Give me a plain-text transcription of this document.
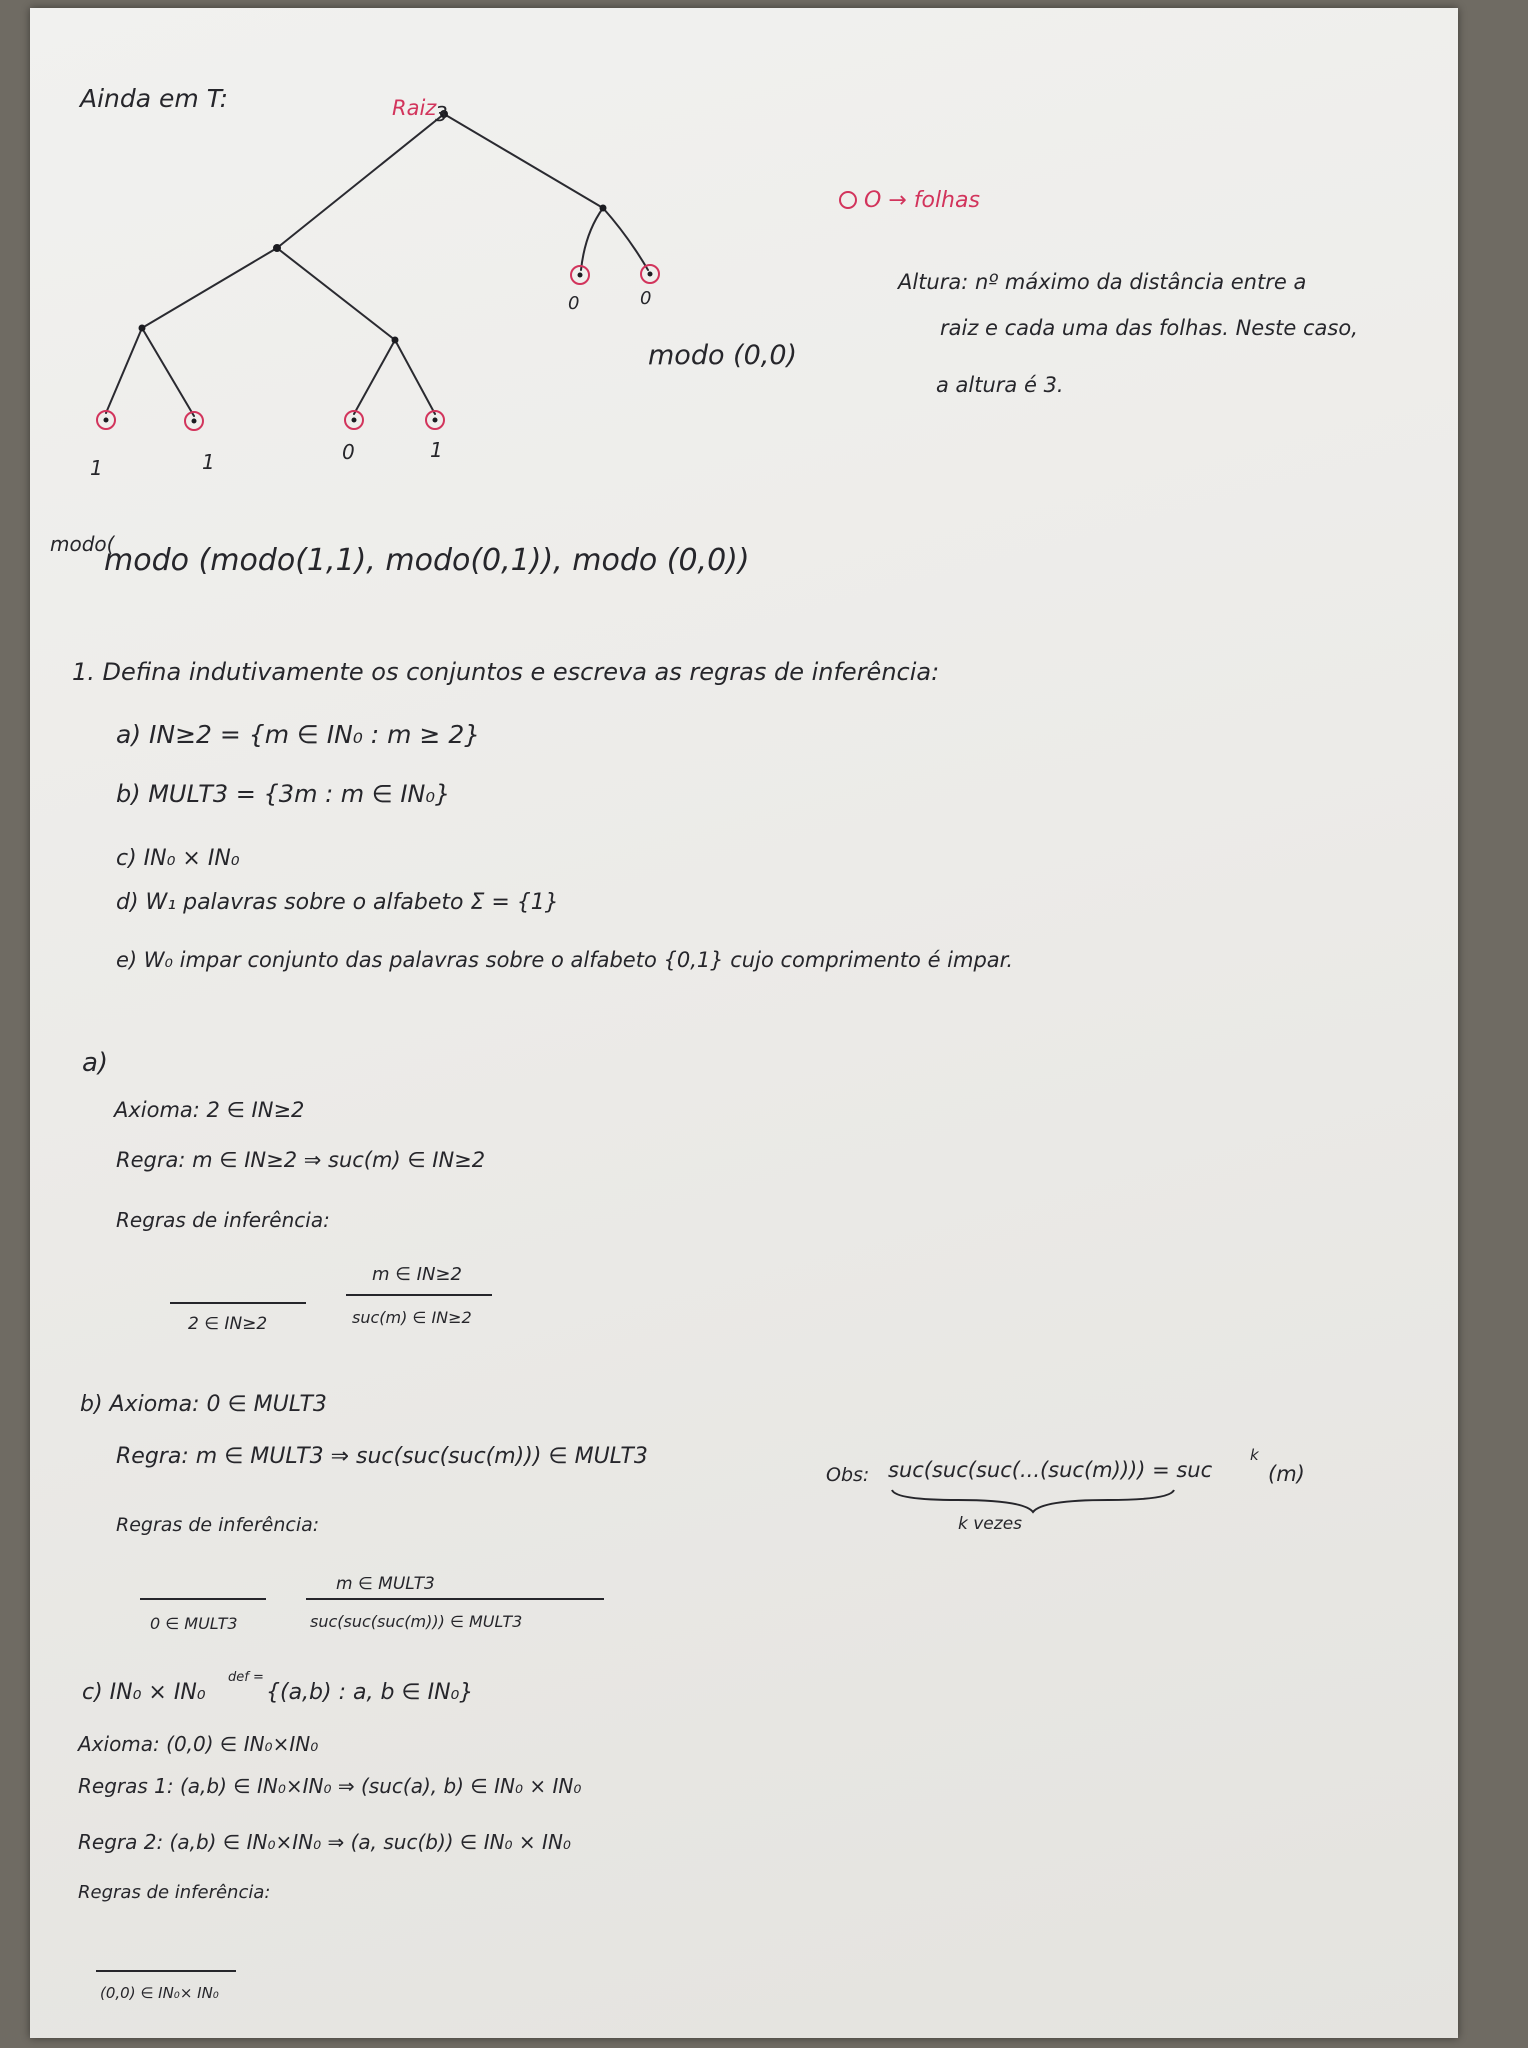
Ainda em T:	Raiz
3
O → folhas
1	1	0	1
0	0
modo (0,0)
Altura: nº máximo da distância entre a
raiz e cada uma das folhas. Neste caso,
a altura é 3.
modo(
modo (modo(1,1), modo(0,1)), modo (0,0))
1. Defina indutivamente os conjuntos e escreva as regras de inferência:
a) IN≥2 = {m ∈ IN₀ : m ≥ 2}
b) MULT3 = {3m : m ∈ IN₀}
c) IN₀ × IN₀
d) W₁ palavras sobre o alfabeto Σ = {1}
e) W₀ impar conjunto das palavras sobre o alfabeto {0,1} cujo comprimento é impar.
a)
Axioma: 2 ∈ IN≥2
Regra: m ∈ IN≥2 ⇒ suc(m) ∈ IN≥2
Regras de inferência:
2 ∈ IN≥2
m ∈ IN≥2
suc(m) ∈ IN≥2
b) Axioma: 0 ∈ MULT3
Regra: m ∈ MULT3 ⇒ suc(suc(suc(m))) ∈ MULT3
Obs: suc(suc(suc(...(suc(m)))) = suc
k
(m)
k vezes
Regras de inferência:
0 ∈ MULT3
m ∈ MULT3
suc(suc(suc(m))) ∈ MULT3
c) IN₀ × IN₀
def =
{(a,b) : a, b ∈ IN₀}
Axioma: (0,0) ∈ IN₀×IN₀
Regras 1: (a,b) ∈ IN₀×IN₀ ⇒ (suc(a), b) ∈ IN₀ × IN₀
Regra 2: (a,b) ∈ IN₀×IN₀ ⇒ (a, suc(b)) ∈ IN₀ × IN₀
Regras de inferência:
(0,0) ∈ IN₀× IN₀
